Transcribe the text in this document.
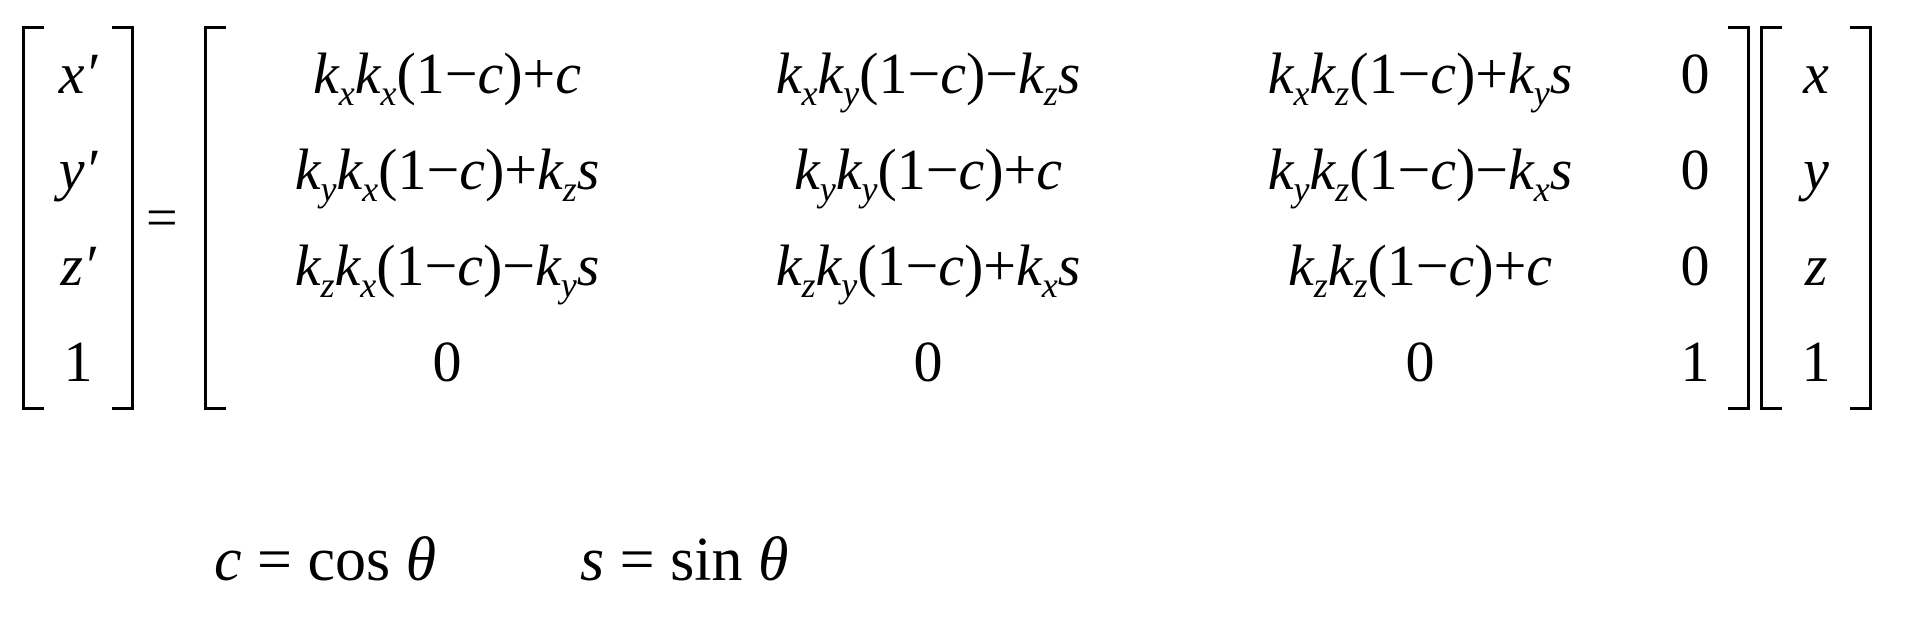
x′
y′
z′
1
=
$k_xk_x(1-c)+c$	$k_xk_y(1-c)-k_zs$	$k_xk_z(1-c)+k_ys$	0
$k_yk_x(1-c)+k_zs$	$k_yk_y(1-c)+c$	$k_yk_z(1-c)-k_xs$	0
$k_zk_x(1-c)-k_ys$	$k_zk_y(1-c)+k_xs$	$k_zk_z(1-c)+c$	0
0	0	0	1
x
y
z
1
c = cos θ s = sin θ
